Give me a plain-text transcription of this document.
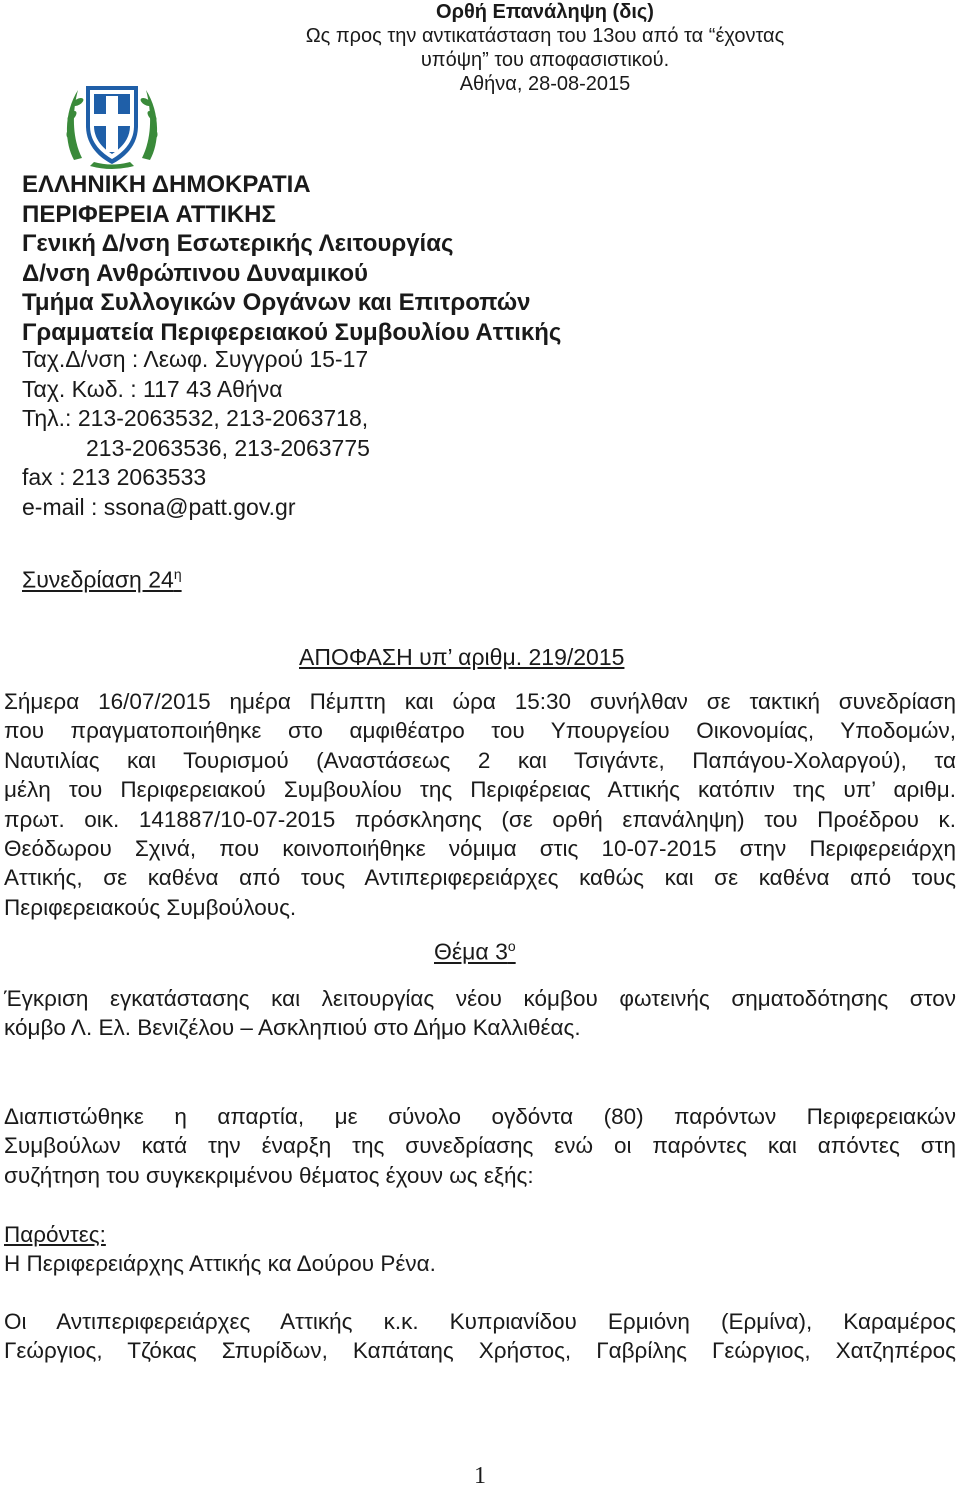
Ορθή Επανάληψη (δις)
Ως προς την αντικατάσταση του 13ου από τα “έχοντας
υπόψη” του αποφασιστικού.
Αθήνα, 28-08-2015
ΕΛΛΗΝΙΚΗ ΔΗΜΟΚΡΑΤΙΑ
ΠΕΡΙΦΕΡΕΙΑ ΑΤΤΙΚΗΣ
Γενική Δ/νση Εσωτερικής Λειτουργίας
Δ/νση Ανθρώπινου Δυναμικού
Τμήμα Συλλογικών Οργάνων και Επιτροπών
Γραμματεία Περιφερειακού Συμβουλίου Αττικής
Ταχ.Δ/νση : Λεωφ. Συγγρού 15-17
Ταχ. Κωδ. : 117 43 Αθήνα
Τηλ.: 213-2063532, 213-2063718,
213-2063536, 213-2063775
fax : 213 2063533
e-mail : ssona@patt.gov.gr
Συνεδρίαση $24^\eta$
ΑΠΟΦΑΣΗ υπ’ αριθμ. 219/2015
Σήμερα 16/07/2015 ημέρα Πέμπτη και ώρα 15:30 συνήλθαν σε τακτική συνεδρίαση
που πραγματοποιήθηκε στο αμφιθέατρο του Υπουργείου Οικονομίας, Υποδομών,
Ναυτιλίας και Τουρισμού (Αναστάσεως 2 και Τσιγάντε, Παπάγου-Χολαργού), τα
μέλη του Περιφερειακού Συμβουλίου της Περιφέρειας Αττικής κατόπιν της υπ’ αριθμ.
πρωτ. οικ. 141887/10-07-2015 πρόσκλησης (σε ορθή επανάληψη) του Προέδρου κ.
Θεόδωρου Σχινά, που κοινοποιήθηκε νόμιμα στις 10-07-2015 στην Περιφερειάρχη
Αττικής, σε καθένα από τους Αντιπεριφερειάρχες καθώς και σε καθένα από τους
Περιφερειακούς Συμβούλους.
Θέμα $3^o$
Έγκριση εγκατάστασης και λειτουργίας νέου κόμβου φωτεινής σηματοδότησης στον
κόμβο Λ. Ελ. Βενιζέλου – Ασκληπιού στο Δήμο Καλλιθέας.
Διαπιστώθηκε η απαρτία, με σύνολο ογδόντα (80) παρόντων Περιφερειακών
Συμβούλων κατά την έναρξη της συνεδρίασης ενώ οι παρόντες και απόντες στη
συζήτηση του συγκεκριμένου θέματος έχουν ως εξής:
Παρόντες:
Η Περιφερειάρχης Αττικής κα Δούρου Ρένα.
Οι Αντιπεριφερειάρχες Αττικής κ.κ. Κυπριανίδου Ερμιόνη (Ερμίνα), Καραμέρος
Γεώργιος, Τζόκας Σπυρίδων, Καπάταης Χρήστος, Γαβρίλης Γεώργιος, Χατζηπέρος
1
